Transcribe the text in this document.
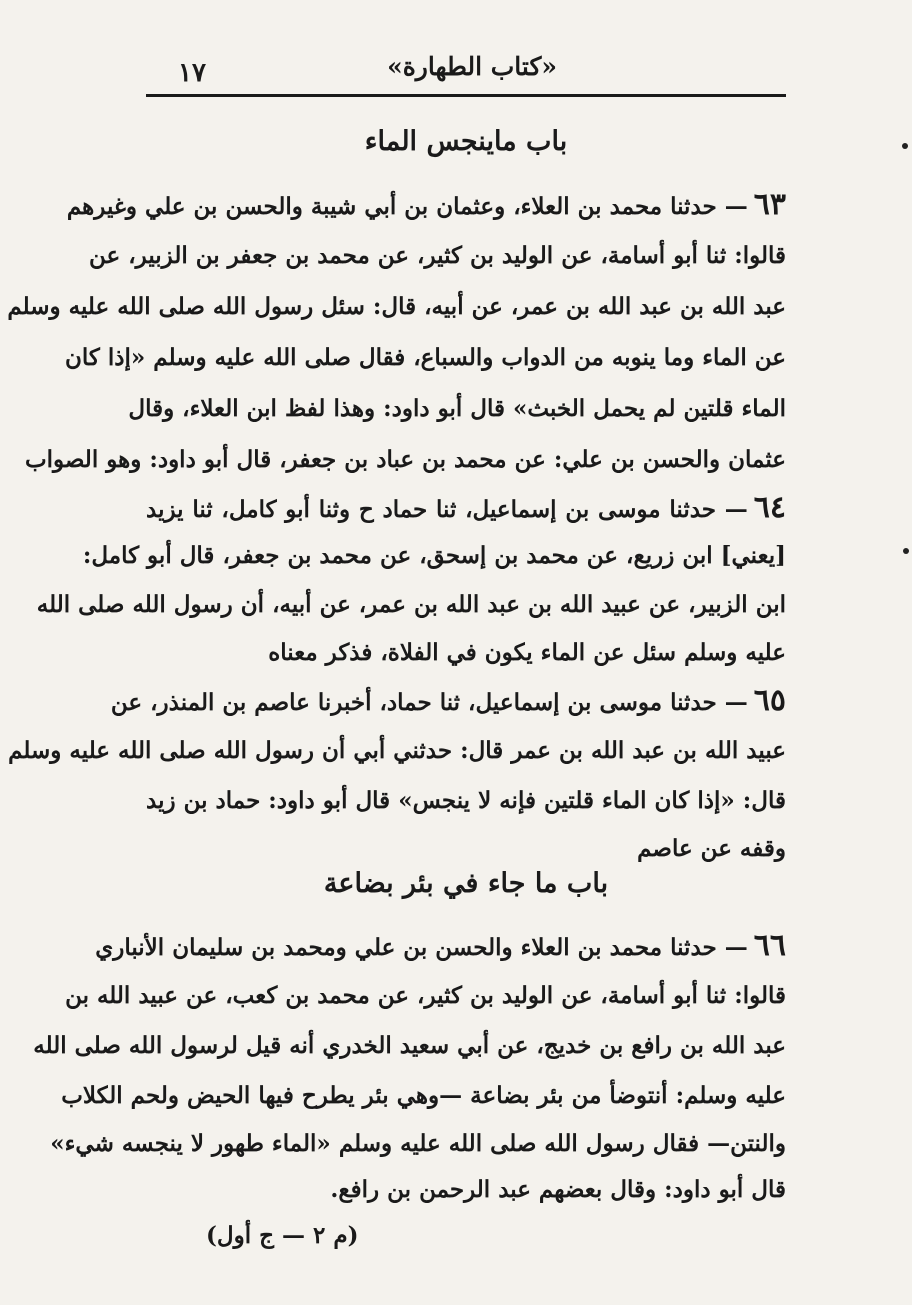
«كتاب الطهارة»
١٧
باب ماينجس الماء
٦٣— حدثنا محمد بن العلاء، وعثمان بن أبي شيبة والحسن بن علي وغيرهم
قالوا: ثنا أبو أسامة، عن الوليد بن كثير، عن محمد بن جعفر بن الزبير، عن
عبد الله بن عبد الله بن عمر، عن أبيه، قال: سئل رسول الله صلى الله عليه وسلم
عن الماء وما ينوبه من الدواب والسباع، فقال صلى الله عليه وسلم «إذا كان
الماء قلتين لم يحمل الخبث» قال أبو داود: وهذا لفظ ابن العلاء، وقال
عثمان والحسن بن علي: عن محمد بن عباد بن جعفر، قال أبو داود: وهو الصواب
٦٤— حدثنا موسى بن إسماعيل، ثنا حماد ح وثنا أبو كامل، ثنا يزيد
[يعني] ابن زريع، عن محمد بن إسحق، عن محمد بن جعفر، قال أبو كامل:
ابن الزبير، عن عبيد الله بن عبد الله بن عمر، عن أبيه، أن رسول الله صلى الله
عليه وسلم سئل عن الماء يكون في الفلاة، فذكر معناه
٦٥— حدثنا موسى بن إسماعيل، ثنا حماد، أخبرنا عاصم بن المنذر، عن
عبيد الله بن عبد الله بن عمر قال: حدثني أبي أن رسول الله صلى الله عليه وسلم
قال: «إذا كان الماء قلتين فإنه لا ينجس» قال أبو داود: حماد بن زيد
وقفه عن عاصم
باب ما جاء في بئر بضاعة
٦٦— حدثنا محمد بن العلاء والحسن بن علي ومحمد بن سليمان الأنباري
قالوا: ثنا أبو أسامة، عن الوليد بن كثير، عن محمد بن كعب، عن عبيد الله بن
عبد الله بن رافع بن خديج، عن أبي سعيد الخدري أنه قيل لرسول الله صلى الله
عليه وسلم: أنتوضأ من بئر بضاعة —وهي بئر يطرح فيها الحيض ولحم الكلاب
والنتن— فقال رسول الله صلى الله عليه وسلم «الماء طهور لا ينجسه شيء»
قال أبو داود: وقال بعضهم عبد الرحمن بن رافع.
(م ٢ — ج أول)
